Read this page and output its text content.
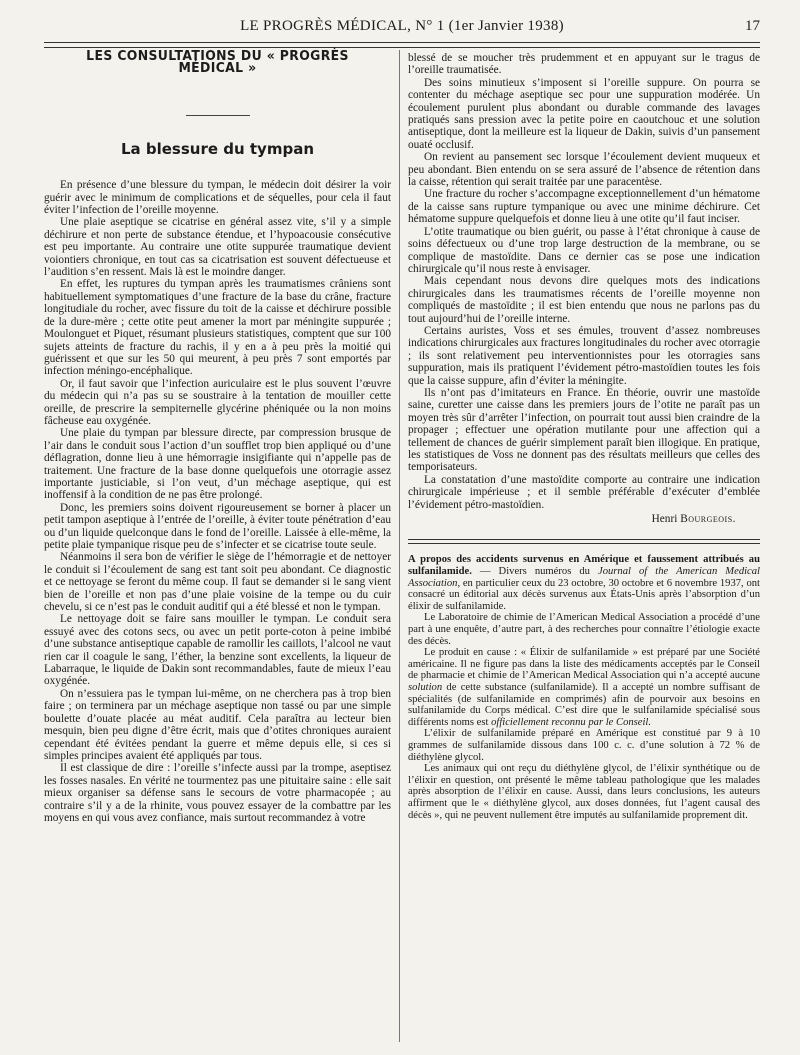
LE PROGRÈS MÉDICAL, N° 1 (1er Janvier 1938)	17

LES CONSULTATIONS DU « PROGRÈS MÉDICAL »

La blessure du tympan

En présence d’une blessure du tympan, le médecin doit désirer la voir guérir avec le minimum de complications et de séquelles, pour cela il faut éviter l’infection de l’oreille moyenne.

Une plaie aseptique se cicatrise en général assez vite, s’il y a simple déchirure et non perte de substance étendue, et l’hypoacousie consécutive est peu importante. Au contraire une otite suppurée traumatique devient voiontiers chronique, en tout cas sa cicatrisation est souvent défectueuse et l’audition s’en ressent. Mais là est le moindre danger.

En effet, les ruptures du tympan après les traumatismes crâniens sont habituellement symptomatiques d’une fracture de la base du crâne, fracture longitudiale du rocher, avec fissure du toit de la caisse et déchirure possible de la dure-mère ; cette otite peut amener la mort par méningite suppurée ; Moulonguet et Piquet, résumant plusieurs statistiques, comptent que sur 100 sujets atteints de fracture du rachis, il y en a à peu près la moitié qui guérissent et que sur les 50 qui meurent, à peu près 7 sont emportés par infection méningo-encéphalique.

Or, il faut savoir que l’infection auriculaire est le plus souvent l’œuvre du médecin qui n’a pas su se soustraire à la tentation de mouiller cette oreille, de prescrire la sempiternelle glycérine phéniquée ou la non moins fâcheuse eau oxygénée.

Une plaie du tympan par blessure directe, par compression brusque de l’air dans le conduit sous l’action d’un soufflet trop bien appliqué ou d’une déflagration, donne lieu à une hémorragie insigifiante qui n’appelle pas de traitement. Une fracture de la base donne quelquefois une otorragie assez importante justiciable, si l’on veut, d’un méchage aseptique, qui est inoffensif à la condition de ne pas être prolongé.

Donc, les premiers soins doivent rigoureusement se borner à placer un petit tampon aseptique à l’entrée de l’oreille, à éviter toute pénétration d’eau ou d’un liquide quelconque dans le fond de l’oreille. Laissée à elle-même, la petite plaie tympanique risque peu de s’infecter et se cicatrise toute seule.

Néanmoins il sera bon de vérifier le siège de l’hémorragie et de nettoyer le conduit si l’écoulement de sang est tant soit peu abondant. Ce diagnostic et ce nettoyage se feront du même coup. Il faut se demander si le sang vient bien de l’oreille et non pas d’une plaie voisine de la tempe ou du cuir chevelu, si ce n’est pas le conduit auditif qui a été blessé et non le tympan.

Le nettoyage doit se faire sans mouiller le tympan. Le conduit sera essuyé avec des cotons secs, ou avec un petit porte-coton à peine imbibé d’une substance antiseptique capable de ramollir les caillots, l’alcool ne vaut rien car il coagule le sang, l’éther, la benzine sont excellents, la liqueur de Labarraque, le liquide de Dakin sont recommandables, faute de mieux l’eau oxygénée.

On n’essuiera pas le tympan lui-même, on ne cherchera pas à trop bien faire ; on terminera par un méchage aseptique non tassé ou par une simple boulette d’ouate placée au méat auditif. Cela paraîtra au lecteur bien mesquin, bien peu digne d’être écrit, mais que d’otites chroniques auraient cependant été évitées pendant la guerre et même depuis elle, si ces si simples principes avaient été appliqués par tous.

Il est classique de dire : l’oreille s’infecte aussi par la trompe, aseptisez les fosses nasales. En vérité ne tourmentez pas une pituitaire saine : elle sait mieux organiser sa défense sans le secours de votre pharmacopée ; au contraire s’il y a de la rhinite, vous pouvez essayer de la combattre par les moyens en qui vous avez confiance, mais surtout recommandez à votre

blessé de se moucher très prudemment et en appuyant sur le tragus de l’oreille traumatisée.

Des soins minutieux s’imposent si l’oreille suppure. On pourra se contenter du méchage aseptique sec pour une suppuration modérée. Un écoulement purulent plus abondant ou durable commande des lavages pratiqués sans pression avec la petite poire en caoutchouc et une solution antiseptique, dont la meilleure est la liqueur de Dakin, suivis d’un pansement ouaté occlusif.

On revient au pansement sec lorsque l’écoulement devient muqueux et peu abondant. Bien entendu on se sera assuré de l’absence de rétention dans la caisse, rétention qui serait traitée par une paracentèse.

Une fracture du rocher s’accompagne exceptionnellement d’un hématome de la caisse sans rupture tympanique ou avec une minime déchirure. Cet hématome suppure quelquefois et donne lieu à une otite qu’il faut inciser.

L’otite traumatique ou bien guérit, ou passe à l’état chronique à cause de soins défectueux ou d’une trop large destruction de la membrane, ou se complique de mastoïdite. Dans ce dernier cas se pose une indication chirurgicale qu’il nous reste à envisager.

Mais cependant nous devons dire quelques mots des indications chirurgicales dans les traumatismes récents de l’oreille moyenne non compliqués de mastoïdite ; il est bien entendu que nous ne parlons pas du tout aujourd’hui de l’oreille interne.

Certains auristes, Voss et ses émules, trouvent d’assez nombreuses indications chirurgicales aux fractures longitudinales du rocher avec otorragie ; ils sont relativement peu interventionnistes pour les otorragies sans suppuration, mais ils pratiquent l’évidement pétro-mastoïdien toutes les fois que la caisse suppure, afin d’éviter la méningite.

Ils n’ont pas d’imitateurs en France. En théorie, ouvrir une mastoïde saine, curetter une caisse dans les premiers jours de l’otite ne paraît pas un moyen très sûr d’arrêter l’infection, on pourrait tout aussi bien craindre de la propager ; effectuer une opération mutilante pour une affection qui a tellement de chances de guérir simplement paraît bien illogique. En pratique, les statistiques de Voss ne donnent pas des résultats meilleurs que celles des temporisateurs.

La constatation d’une mastoïdite comporte au contraire une indication chirurgicale impérieuse ; et il semble préférable d’exécuter d’emblée l’évidement pétro-mastoïdien.

Henri Bourgeois.

A propos des accidents survenus en Amérique et faussement attribués au sulfanilamide. — Divers numéros du Journal of the American Medical Association, en particulier ceux du 23 octobre, 30 octobre et 6 novembre 1937, ont consacré un éditorial aux décès survenus aux États-Unis après l’absorption d’un élixir de sulfanilamide.

Le Laboratoire de chimie de l’American Medical Association a procédé d’une part à une enquête, d’autre part, à des recherches pour connaître l’étiologie exacte des décès.

Le produit en cause : « Élixir de sulfanilamide » est préparé par une Société américaine. Il ne figure pas dans la liste des médicaments acceptés par le Conseil de pharmacie et chimie de l’American Medical Association qui n’a accepté aucune solution de cette substance (sulfanilamide). Il a accepté un nombre suffisant de spécialités (de sulfanilamide en comprimés) afin de pourvoir aux besoins en sulfanilamide du Corps médical. C’est dire que le sulfanilamide spécialisé sous différents noms est officiellement reconnu par le Conseil.

L’élixir de sulfanilamide préparé en Amérique est constitué par 9 à 10 grammes de sulfanilamide dissous dans 100 c. c. d’une solution à 72 % de diéthylène glycol.

Les animaux qui ont reçu du diéthylène glycol, de l’élixir synthétique ou de l’élixir en question, ont présenté le même tableau pathologique que les malades après absorption de l’élixir en cause. Aussi, dans leurs conclusions, les auteurs affirment que le « diéthylène glycol, aux doses données, fut l’agent causal des décès », qui ne peuvent nullement être imputés au sulfanilamide proprement dit.
